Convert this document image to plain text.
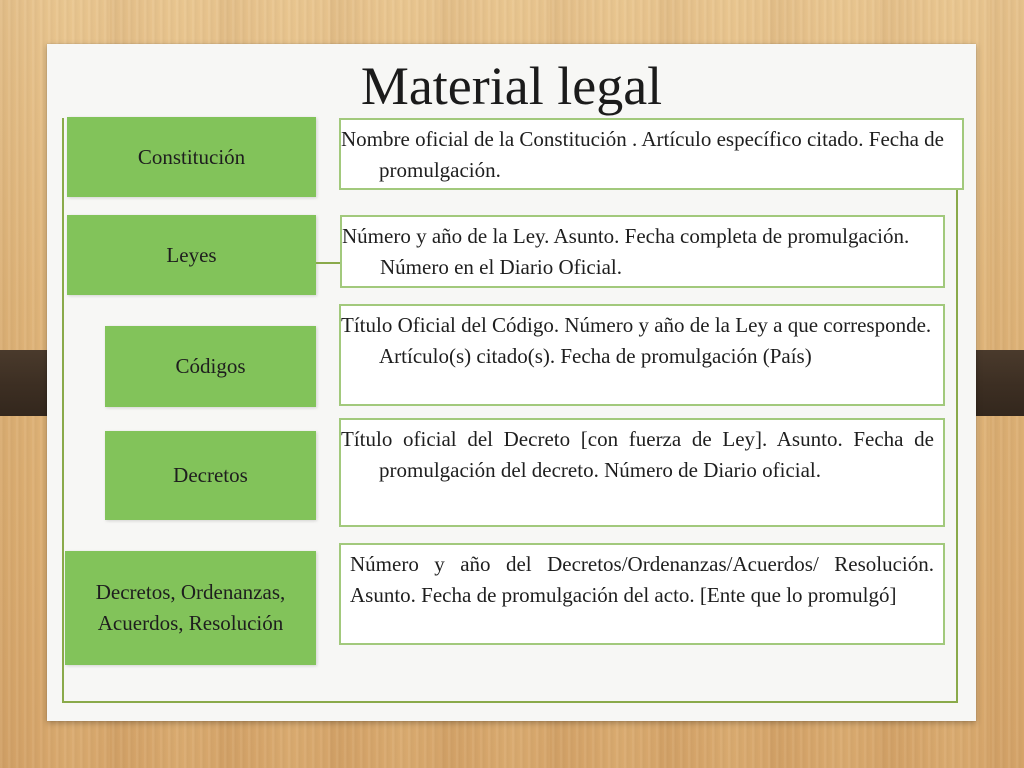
Material legal
Constitución
Nombre oficial de la Constitución . Artículo específico citado. Fecha de promulgación.
Leyes
Número y año de la Ley. Asunto. Fecha completa de promulgación. Número en el Diario Oficial.
Códigos
Título Oficial del Código. Número y año de la Ley a que corresponde. Artículo(s) citado(s). Fecha de promulgación (País)
Decretos
Título oficial del Decreto [con fuerza de Ley]. Asunto. Fecha de promulgación del decreto. Número de Diario oficial.
Decretos, Ordenanzas,
Acuerdos, Resolución
Número y año del Decretos/Ordenanzas/Acuerdos/ Resolución. Asunto. Fecha de promulgación del acto. [Ente que lo promulgó]
